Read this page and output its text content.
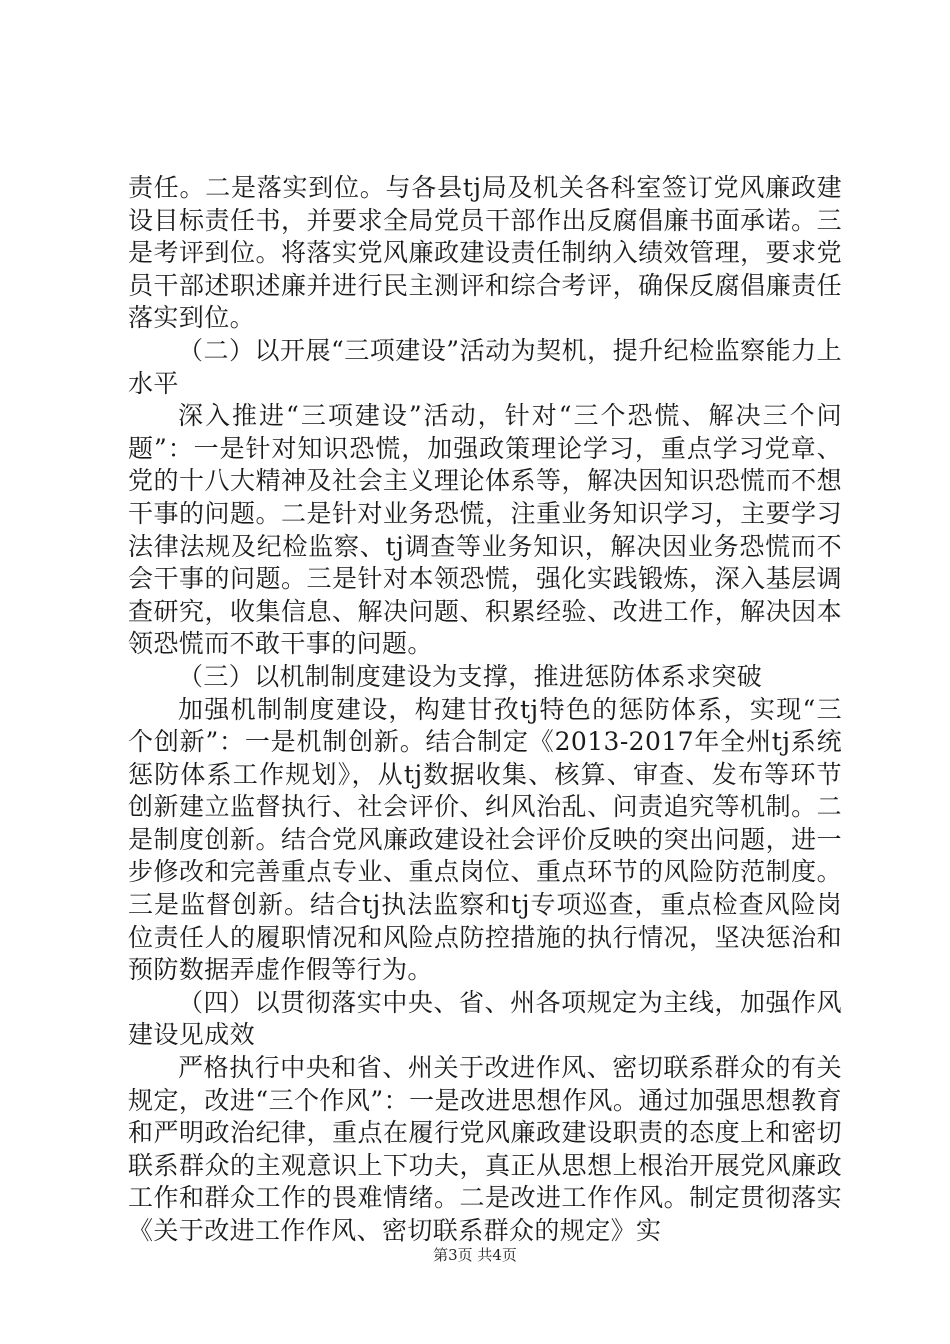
责任。二是落实到位。与各县tj局及机关各科室签订党风廉政建设目标责任书，并要求全局党员干部作出反腐倡廉书面承诺。三是考评到位。将落实党风廉政建设责任制纳入绩效管理，要求党员干部述职述廉并进行民主测评和综合考评，确保反腐倡廉责任落实到位。

（二）以开展“三项建设”活动为契机，提升纪检监察能力上水平

深入推进“三项建设”活动，针对“三个恐慌、解决三个问题”：一是针对知识恐慌，加强政策理论学习，重点学习党章、党的十八大精神及社会主义理论体系等，解决因知识恐慌而不想干事的问题。二是针对业务恐慌，注重业务知识学习，主要学习法律法规及纪检监察、tj调查等业务知识，解决因业务恐慌而不会干事的问题。三是针对本领恐慌，强化实践锻炼，深入基层调查研究，收集信息、解决问题、积累经验、改进工作，解决因本领恐慌而不敢干事的问题。

（三）以机制制度建设为支撑，推进惩防体系求突破

加强机制制度建设，构建甘孜tj特色的惩防体系，实现“三个创新”：一是机制创新。结合制定《2013-2017年全州tj系统惩防体系工作规划》，从tj数据收集、核算、审查、发布等环节创新建立监督执行、社会评价、纠风治乱、问责追究等机制。二是制度创新。结合党风廉政建设社会评价反映的突出问题，进一步修改和完善重点专业、重点岗位、重点环节的风险防范制度。三是监督创新。结合tj执法监察和tj专项巡查，重点检查风险岗位责任人的履职情况和风险点防控措施的执行情况，坚决惩治和预防数据弄虚作假等行为。

（四）以贯彻落实中央、省、州各项规定为主线，加强作风建设见成效

严格执行中央和省、州关于改进作风、密切联系群众的有关规定，改进“三个作风”：一是改进思想作风。通过加强思想教育和严明政治纪律，重点在履行党风廉政建设职责的态度上和密切联系群众的主观意识上下功夫，真正从思想上根治开展党风廉政工作和群众工作的畏难情绪。二是改进工作作风。制定贯彻落实《关于改进工作作风、密切联系群众的规定》实

第3页 共4页
